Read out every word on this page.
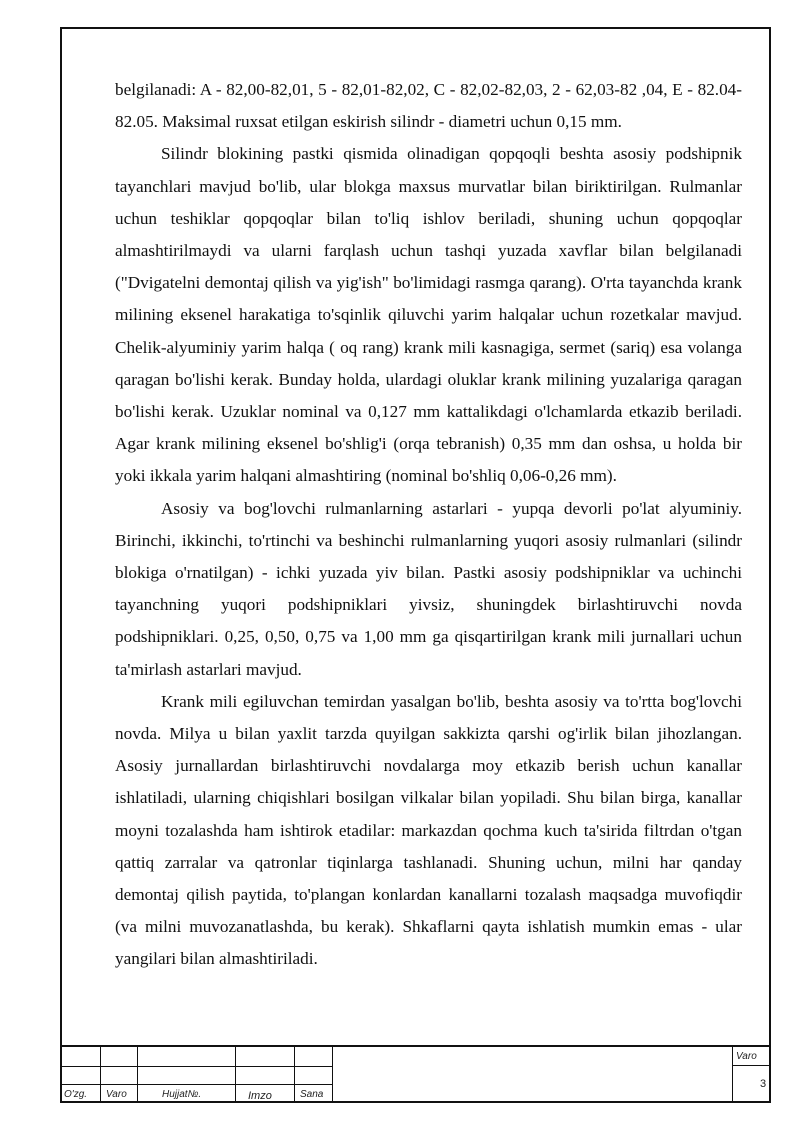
belgilanadi: A - 82,00-82,01, 5 - 82,01-82,02, C - 82,02-82,03, 2 - 62,03-82 ,04, E - 82.04-82.05. Maksimal ruxsat etilgan eskirish silindr - diametri uchun 0,15 mm.

Silindr blokining pastki qismida olinadigan qopqoqli beshta asosiy podshipnik tayanchlari mavjud bo'lib, ular blokga maxsus murvatlar bilan biriktirilgan. Rulmanlar uchun teshiklar qopqoqlar bilan to'liq ishlov beriladi, shuning uchun qopqoqlar almashtirilmaydi va ularni farqlash uchun tashqi yuzada xavflar bilan belgilanadi ("Dvigatelni demontaj qilish va yig'ish" bo'limidagi rasmga qarang). O'rta tayanchda krank milining eksenel harakatiga to'sqinlik qiluvchi yarim halqalar uchun rozetkalar mavjud. Chelik-alyuminiy yarim halqa ( oq rang) krank mili kasnagiga, sermet (sariq) esa volanga qaragan bo'lishi kerak. Bunday holda, ulardagi oluklar krank milining yuzalariga qaragan bo'lishi kerak. Uzuklar nominal va 0,127 mm kattalikdagi o'lchamlarda etkazib beriladi. Agar krank milining eksenel bo'shlig'i (orqa tebranish) 0,35 mm dan oshsa, u holda bir yoki ikkala yarim halqani almashtiring (nominal bo'shliq 0,06-0,26 mm).

Asosiy va bog'lovchi rulmanlarning astarlari - yupqa devorli po'lat alyuminiy. Birinchi, ikkinchi, to'rtinchi va beshinchi rulmanlarning yuqori asosiy rulmanlari (silindr blokiga o'rnatilgan) - ichki yuzada yiv bilan. Pastki asosiy podshipniklar va uchinchi tayanchning yuqori podshipniklari yivsiz, shuningdek birlashtiruvchi novda podshipniklari. 0,25, 0,50, 0,75 va 1,00 mm ga qisqartirilgan krank mili jurnallari uchun ta'mirlash astarlari mavjud.

Krank mili egiluvchan temirdan yasalgan bo'lib, beshta asosiy va to'rtta bog'lovchi novda. Milya u bilan yaxlit tarzda quyilgan sakkizta qarshi og'irlik bilan jihozlangan. Asosiy jurnallardan birlashtiruvchi novdalarga moy etkazib berish uchun kanallar ishlatiladi, ularning chiqishlari bosilgan vilkalar bilan yopiladi. Shu bilan birga, kanallar moyni tozalashda ham ishtirok etadilar: markazdan qochma kuch ta'sirida filtrdan o'tgan qattiq zarralar va qatronlar tiqinlarga tashlanadi. Shuning uchun, milni har qanday demontaj qilish paytida, to'plangan konlardan kanallarni tozalash maqsadga muvofiqdir (va milni muvozanatlashda, bu kerak). Shkaflarni qayta ishlatish mumkin emas - ular yangilari bilan almashtiriladi.

O'zg. Varo	Hujjat№.	Imzo	Sana
Varo
3
